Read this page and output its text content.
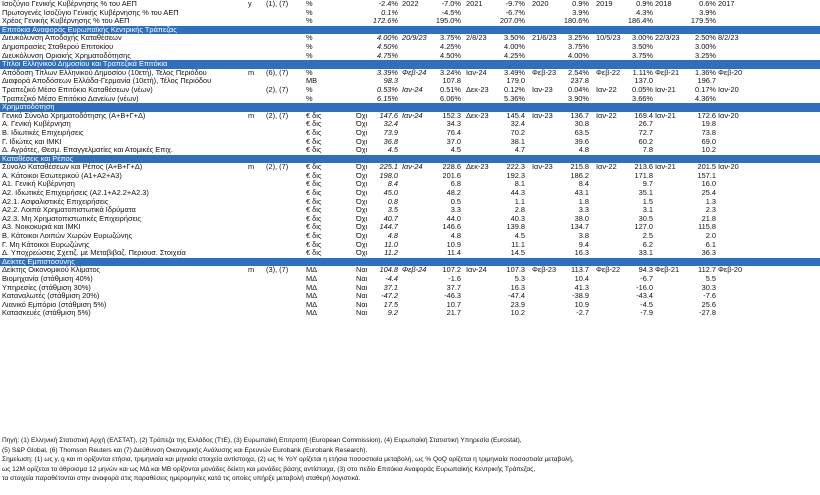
Ισοζύγιο Γενικής Κυβέρνησης % του ΑΕΠ	y	(1), (7)	%	-2.4% 2022	-7.0% 2021	-9.7% 2020	0.9% 2019	0.9% 2018	0.6% 2017
Πρωτογενές Ισοζύγιο Γενικής Κυβέρνησης % του ΑΕΠ	%	0.1%	-4.5%	-6.7%	3.9%	4.3%	3.9%
Χρέος Γενικής Κυβέρνησης % του ΑΕΠ	%	172.6%	195.0%	207.0%	180.6%	186.4%	179.5%
Επιτόκια Αναφοράς Ευρωπαϊκής Κεντρικής Τράπεζας
Διευκόλυνση Αποδοχής Καταθέσεων	%	4.00% 20/9/23	3.75% 2/8/23	3.50% 21/6/23	3.25% 10/5/23	3.00% 22/3/23	2.50% 8/2/23
Δημοπρασίες Σταθερού Επιτοκίου	%	4.50%	4.25%	4.00%	3.75%	3.50%	3.00%
Διευκόλυνση Οριακής Χρηματοδότησης	%	4.75%	4.50%	4.25%	4.00%	3.75%	3.25%
Τίτλοι Ελληνικού Δημοσίου και Τραπεζικά Επιτόκια
Απόδοση Τίτλων Ελληνικού Δημοσίου (10ετή), Τέλος Περιόδου	m	(6), (7)	%	3.39% Φεβ-24	3.24% Ιαν-24	3.49% Φεβ-23	2.54% Φεβ-22	1.11% Φεβ-21	1.36% Φεβ-20
Διαφορά Αποδόσεων Ελλάδα-Γερμανία (10ετή), Τέλος Περιόδου	ΜΒ	98.3	107.8	179.0	237.8	137.0	196.7
Τραπεζικό Μέσο Επιτόκιο Καταθέσεων (νέων)	(2), (7)	%	0.53% Ιαν-24	0.51% Δεκ-23	0.12% Ιαν-23	0.04% Ιαν-22	0.05% Ιαν-21	0.17% Ιαν-20
Τραπεζικό Μέσο Επιτόκιο Δανείων (νέων)	%	6.15%	6.06%	5.36%	3.90%	3.66%	4.36%
Χρηματοδότηση
Γενικό Σύνολο Χρηματοδότησης (Α+Β+Γ+Δ)	m	(2), (7)	€ δις	Όχι	147.6 Ιαν-24	152.3 Δεκ-23	145.4 Ιαν-23	136.7 Ιαν-22	169.4 Ιαν-21	172.6 Ιαν-20
Α. Γενική Κυβέρνηση	€ δις	Όχι	32.4	34.3	32.4	30.8	26.7	19.8
Β. Ιδιωτικές Επιχειρήσεις	€ δις	Όχι	73.9	76.4	70.2	63.5	72.7	73.8
Γ. Ιδιώτες και ΙΜΚΙ	€ δις	Όχι	36.8	37.0	38.1	39.6	60.2	69.0
Δ. Αγρότες, Θεσμ. Επαγγελματίες και Ατομικές Επιχ.	€ δις	Όχι	4.5	4.5	4.7	4.8	7.8	10.2
Καταθέσεις και Ρέπος
Σύνολο Καταθέσεων και Ρέπος (Α+Β+Γ+Δ)	m	(2), (7)	€ δις	Όχι	225.1 Ιαν-24	228.6 Δεκ-23	222.3 Ιαν-23	215.8 Ιαν-22	213.6 Ιαν-21	201.5 Ιαν-20
Α. Κάτοικοι Εσωτερικού (Α1+Α2+Α3)	€ δις	Όχι	198.0	201.6	192.3	186.2	171.8	157.1
Α1. Γενική Κυβέρνηση	€ δις	Όχι	8.4	6.8	8.1	8.4	9.7	16.0
Α2. Ιδιωτικές Επιχειρήσεις (Α2.1+Α2.2+Α2.3)	€ δις	Όχι	45.0	48.2	44.3	43.1	35.1	25.4
Α2.1. Ασφαλιστικές Επιχειρήσεις	€ δις	Όχι	0.8	0.5	1.1	1.8	1.5	1.3
Α2.2. Λοιπά Χρηματοπιστωτικά Ιδρύματα	€ δις	Όχι	3.5	3.3	2.8	3.3	3.1	2.3
Α2.3. Μη Χρηματοπιστωτικές Επιχειρήσεις	€ δις	Όχι	40.7	44.0	40.3	38.0	30.5	21.8
Α3. Νοικοκυριά και ΙΜΚΙ	€ δις	Όχι	144.7	146.6	139.8	134.7	127.0	115.8
Β. Κάτοικοι Λοιπών Χωρών Ευρωζώνης	€ δις	Όχι	4.8	4.8	4.5	3.8	2.5	2.0
Γ. Μη Κάτοικοι Ευρωζώνης	€ δις	Όχι	11.0	10.9	11.1	9.4	6.2	6.1
Δ. Υποχρεώσεις Σχετιζ. με Μεταβιβαζ. Περιουσ. Στοιχεία	€ δις	Όχι	11.2	11.4	14.5	16.3	33.1	36.3
Δείκτες Εμπιστοσύνης
Δείκτης Οικονομικού Κλίματος	m	(3), (7)	ΜΔ	Ναι	104.8 Φεβ-24	107.2 Ιαν-24	107.3 Φεβ-23	113.7 Φεβ-22	94.3 Φεβ-21	112.7 Φεβ-20
Βιομηχανία (στάθμιση 40%)	ΜΔ	Ναι	-4.4	-1.6	5.3	10.4	-6.7	5.5
Υπηρεσίες (στάθμιση 30%)	ΜΔ	Ναι	37.1	37.7	16.3	41.3	-16.0	30.3
Καταναλωτές (στάθμιση 20%)	ΜΔ	Ναι	-47.2	-46.3	-47.4	-38.9	-43.4	-7.6
Λιανικό Εμπόριο (στάθμιση 5%)	ΜΔ	Ναι	17.5	10.7	23.9	10.9	-4.5	25.6
Κατασκευές (στάθμιση 5%)	ΜΔ	Ναι	9.2	21.7	10.2	-2.7	-7.9	-27.8
Πηγή: (1) Ελληνική Στατιστική Αρχή (ΕΛΣΤΑΤ), (2) Τράπεζα της Ελλάδος (ΤτΕ), (3) Ευρωπαϊκή Επιτροπή (European Commission), (4) Ευρωπαϊκή Στατιστική Υπηρεσία (Eurostat),
(5) S&P Global, (6) Thomson Reuters και (7) Διεύθυνση Οικονομικής Ανάλυσης και Ερευνών Eurobank (Eurobank Research).
Σημείωση: (1) ως y, q και m ορίζονται ετήσια, τριμηνιαία και μηνιαία στοιχεία αντίστοιχα, (2) ως % YoY ορίζεται η ετήσια ποσοστιαία μεταβολή, ως % QoQ ορίζεται η τριμηνιαία ποσοστιαία μεταβολή,
ως 12Μ ορίζεται το άθροισμα 12 μηνών και ως ΜΔ και ΜΒ ορίζονται μονάδες δείκτη και μονάδες βάσης αντίστοιχα, (3) στο πεδίο Επιτόκια Αναφοράς Ευρωπαϊκής Κεντρικής Τράπεζας,
τα στοιχεία παραθέτονται στην αναφορά στις παραθέσεις ημερομηνίες κατά τις οποίες υπήρξε μεταβολή σταθερή λογιστικά.
